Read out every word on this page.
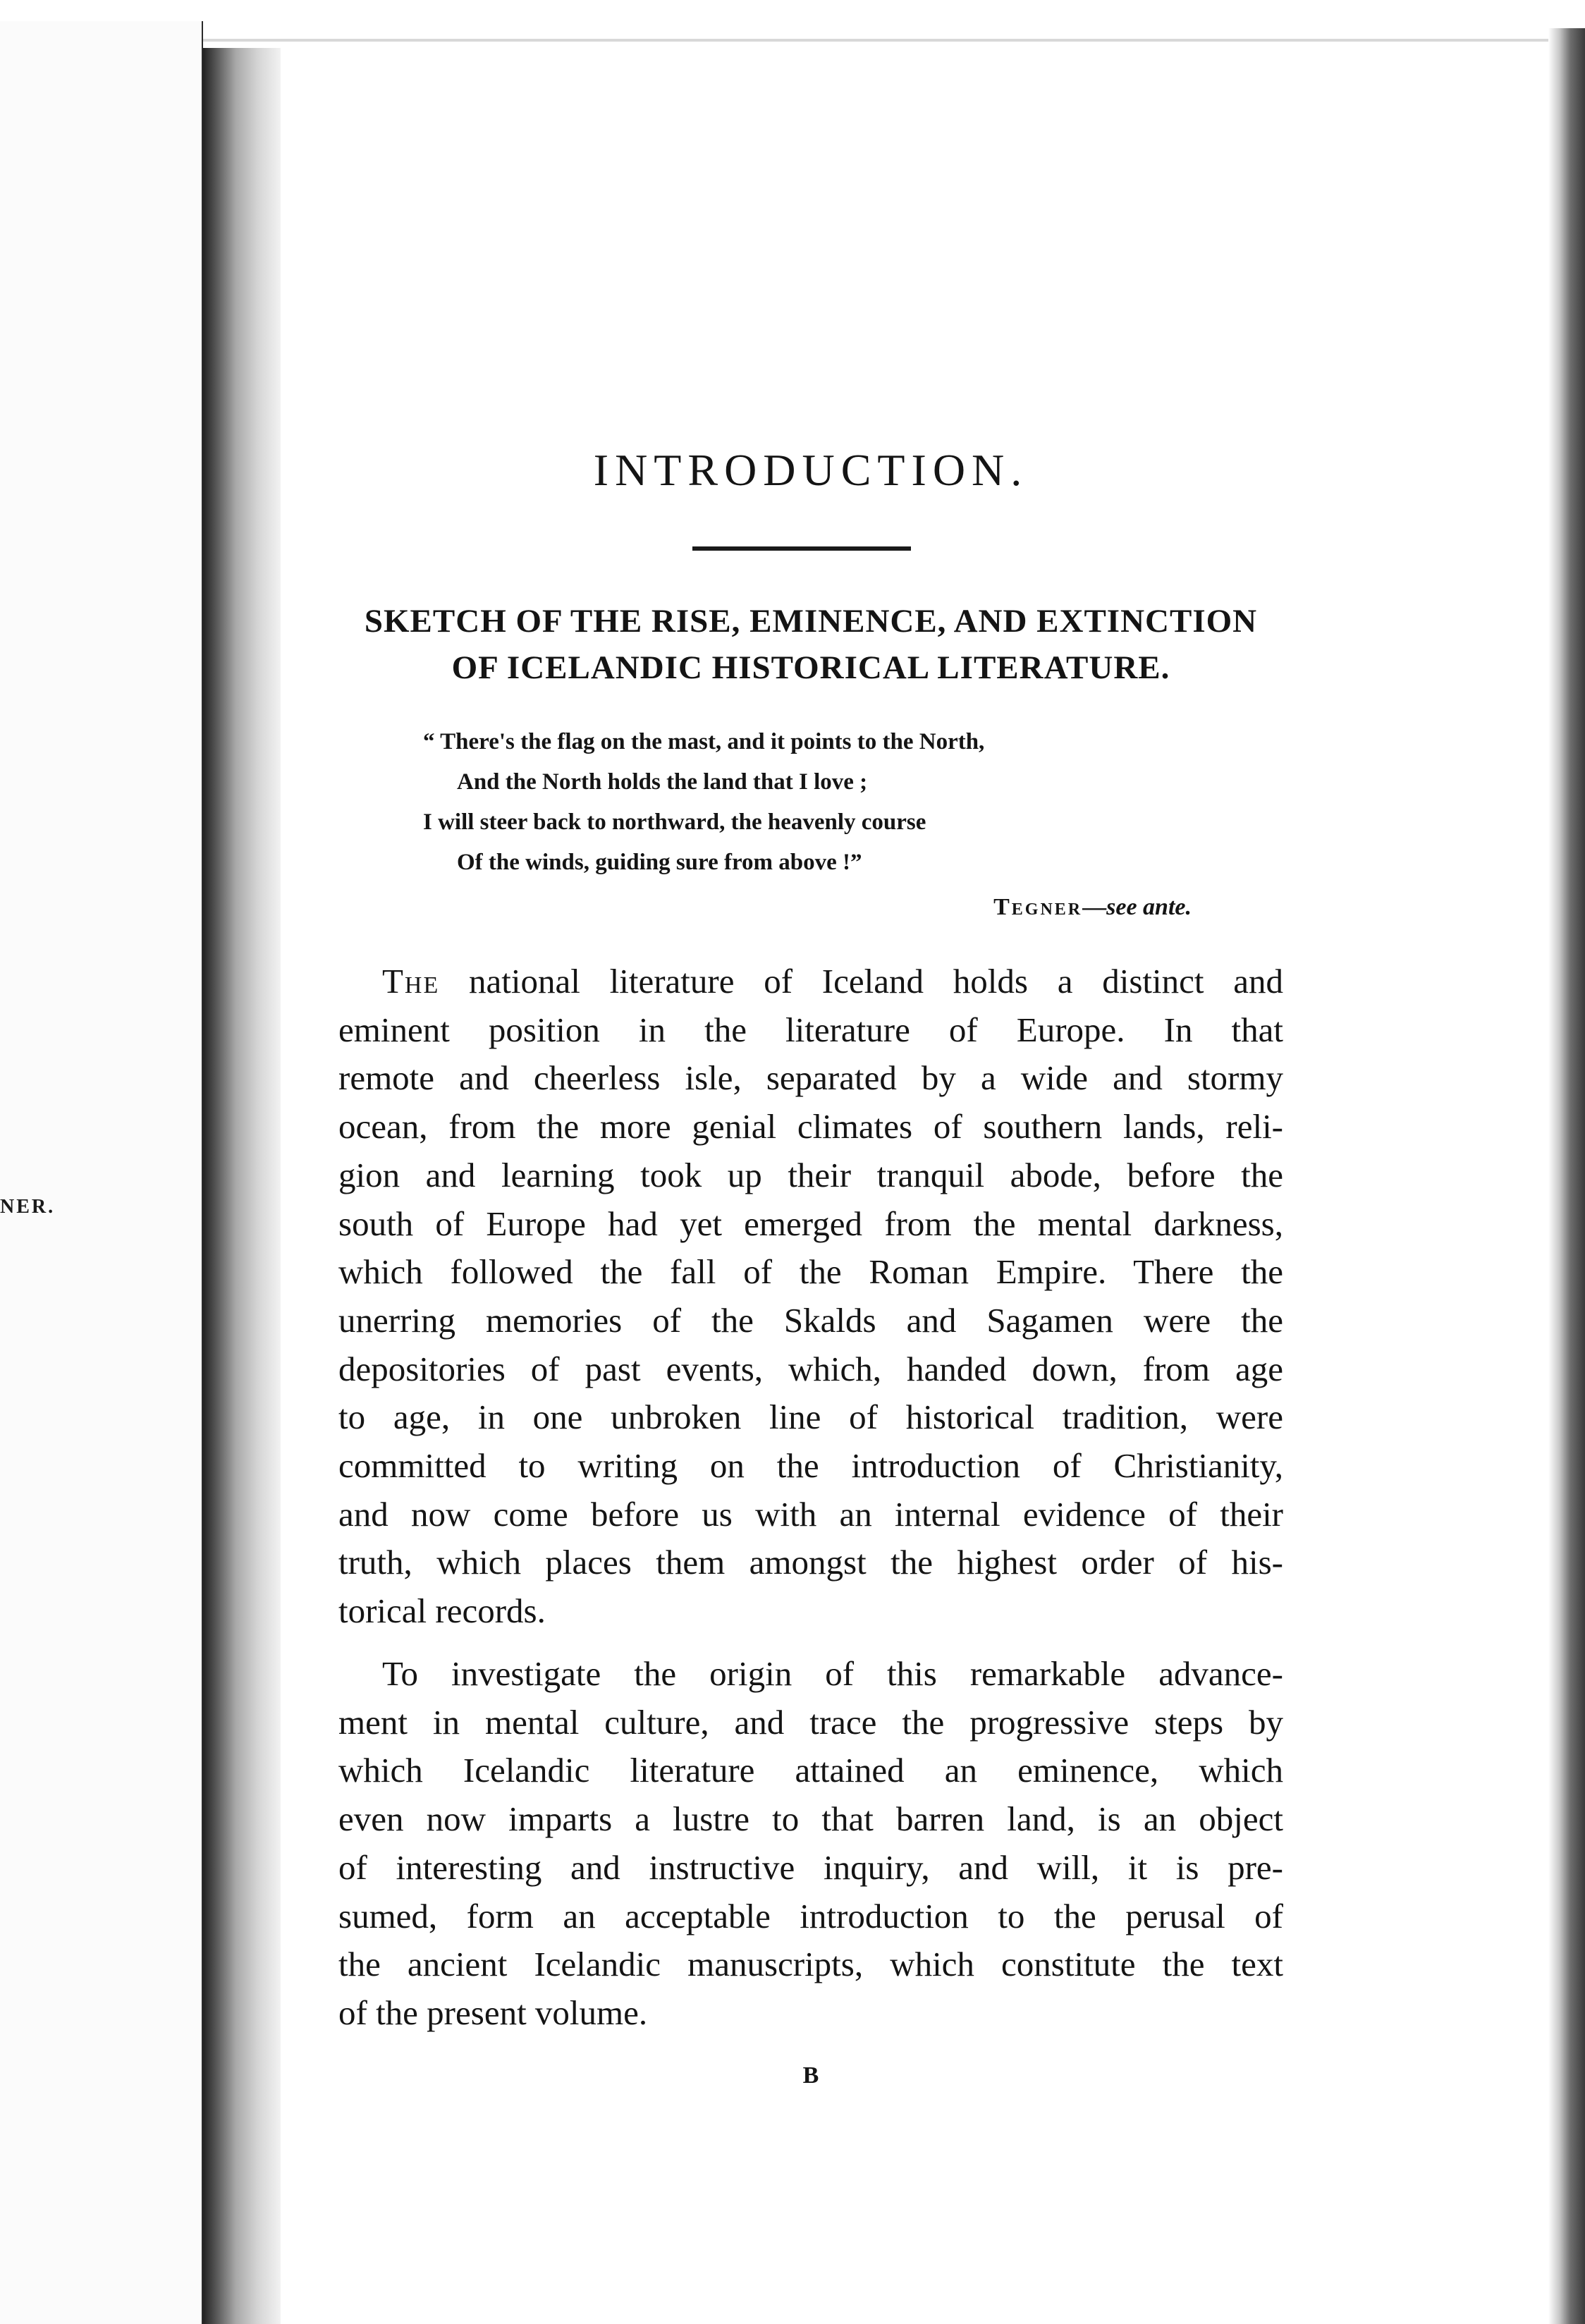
NER.
INTRODUCTION.
SKETCH OF THE RISE, EMINENCE, AND EXTINCTION
OF ICELANDIC HISTORICAL LITERATURE.
“ There's the flag on the mast, and it points to the North,
And the North holds the land that I love ;
I will steer back to northward, the heavenly course
Of the winds, guiding sure from above !”
Tegner—see ante.
The national literature of Iceland holds a distinct and
eminent position in the literature of Europe. In that
remote and cheerless isle, separated by a wide and stormy
ocean, from the more genial climates of southern lands, reli-
gion and learning took up their tranquil abode, before the
south of Europe had yet emerged from the mental darkness,
which followed the fall of the Roman Empire. There the
unerring memories of the Skalds and Sagamen were the
depositories of past events, which, handed down, from age
to age, in one unbroken line of historical tradition, were
committed to writing on the introduction of Christianity,
and now come before us with an internal evidence of their
truth, which places them amongst the highest order of his-
torical records.
To investigate the origin of this remarkable advance-
ment in mental culture, and trace the progressive steps by
which Icelandic literature attained an eminence, which
even now imparts a lustre to that barren land, is an object
of interesting and instructive inquiry, and will, it is pre-
sumed, form an acceptable introduction to the perusal of
the ancient Icelandic manuscripts, which constitute the text
of the present volume.
B
